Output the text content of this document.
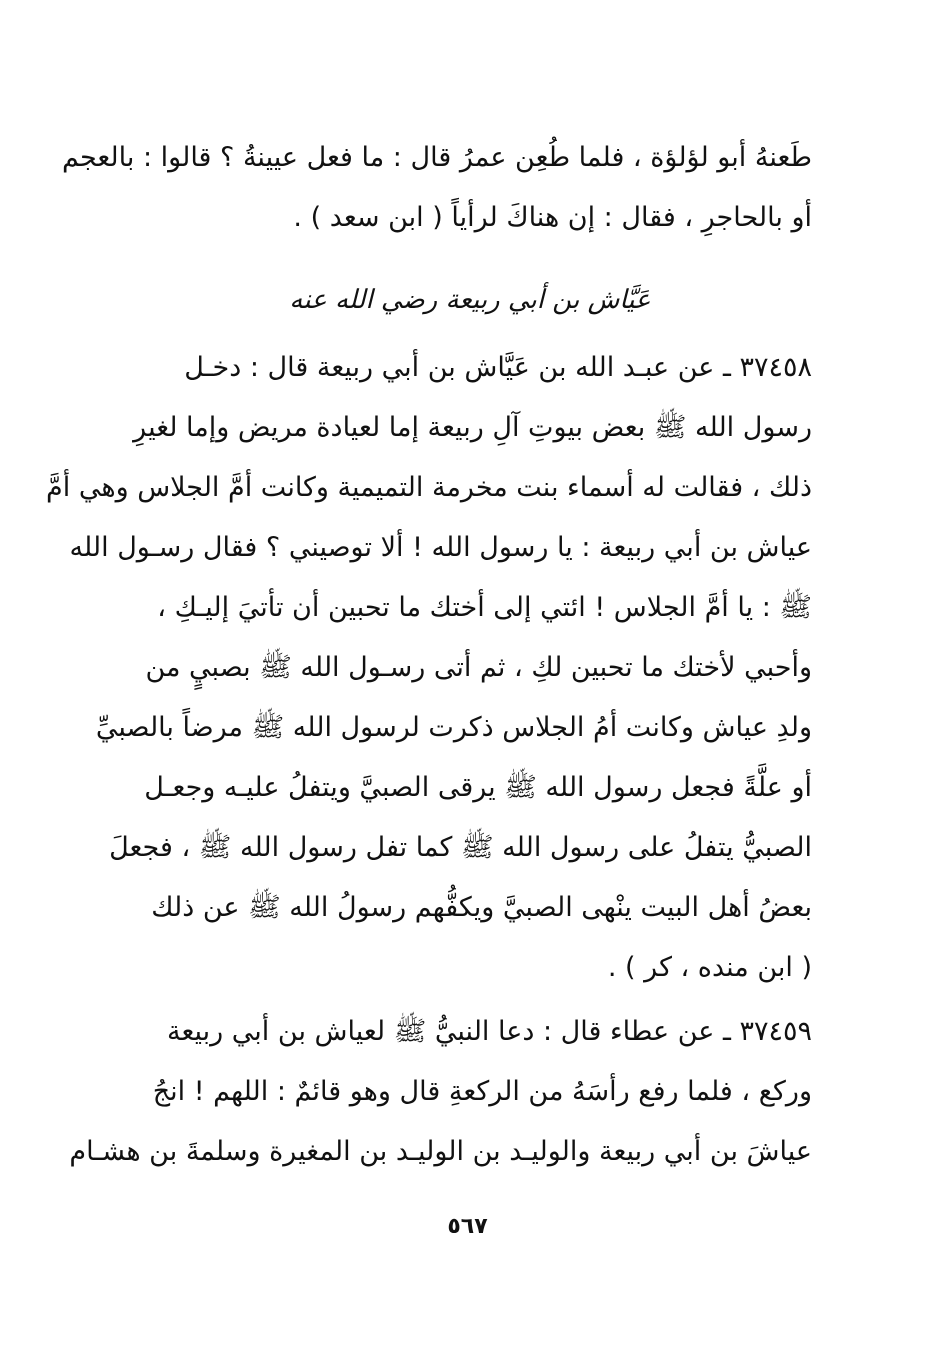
طَعنهُ أبو لؤلؤة ، فلما طُعِن عمرُ قال : ما فعل عيينةُ ؟ قالوا : بالعجم
أو بالحاجرِ ، فقال : إن هناكَ لرأياً ( ابن سعد ) .
عَيَّاش بن أبي ربيعة رضي الله عنه
٣٧٤٥٨ ـ عن عبـد الله بن عَيَّاش بن أبي ربيعة قال : دخـل
رسول الله ﷺ بعض بيوتِ آلِ ربيعة إما لعيادة مريض وإما لغيرِ
ذلك ، فقالت له أسماء بنت مخرمة التميمية وكانت أمَّ الجلاس وهي أمَّ
عياش بن أبي ربيعة : يا رسول الله ! ألا توصيني ؟ فقال رسـول الله
ﷺ : يا أمَّ الجلاس ! ائتي إلى أختك ما تحبين أن تأتيَ إليـكِ ،
وأحبي لأختك ما تحبين لكِ ، ثم أتى رسـول الله ﷺ بصبيٍ من
ولدِ عياش وكانت أمُ الجلاس ذكرت لرسول الله ﷺ مرضاً بالصبيِّ
أو علَّةً فجعل رسول الله ﷺ يرقى الصبيَّ ويتفلُ عليـه وجعـل
الصبيُّ يتفلُ على رسول الله ﷺ كما تفل رسول الله ﷺ ، فجعلَ
بعضُ أهل البيت ينْهى الصبيَّ ويكفُّهم رسولُ الله ﷺ عن ذلك
( ابن منده ، كر ) .
٣٧٤٥٩ ـ عن عطاء قال : دعا النبيُّ ﷺ لعياش بن أبي ربيعة
وركع ، فلما رفع رأسَهُ من الركعةِ قال وهو قائمٌ : اللهم ! انجُ
عياشَ بن أبي ربيعة والوليـد بن الوليـد بن المغيرة وسلمةَ بن هشـام
٥٦٧
